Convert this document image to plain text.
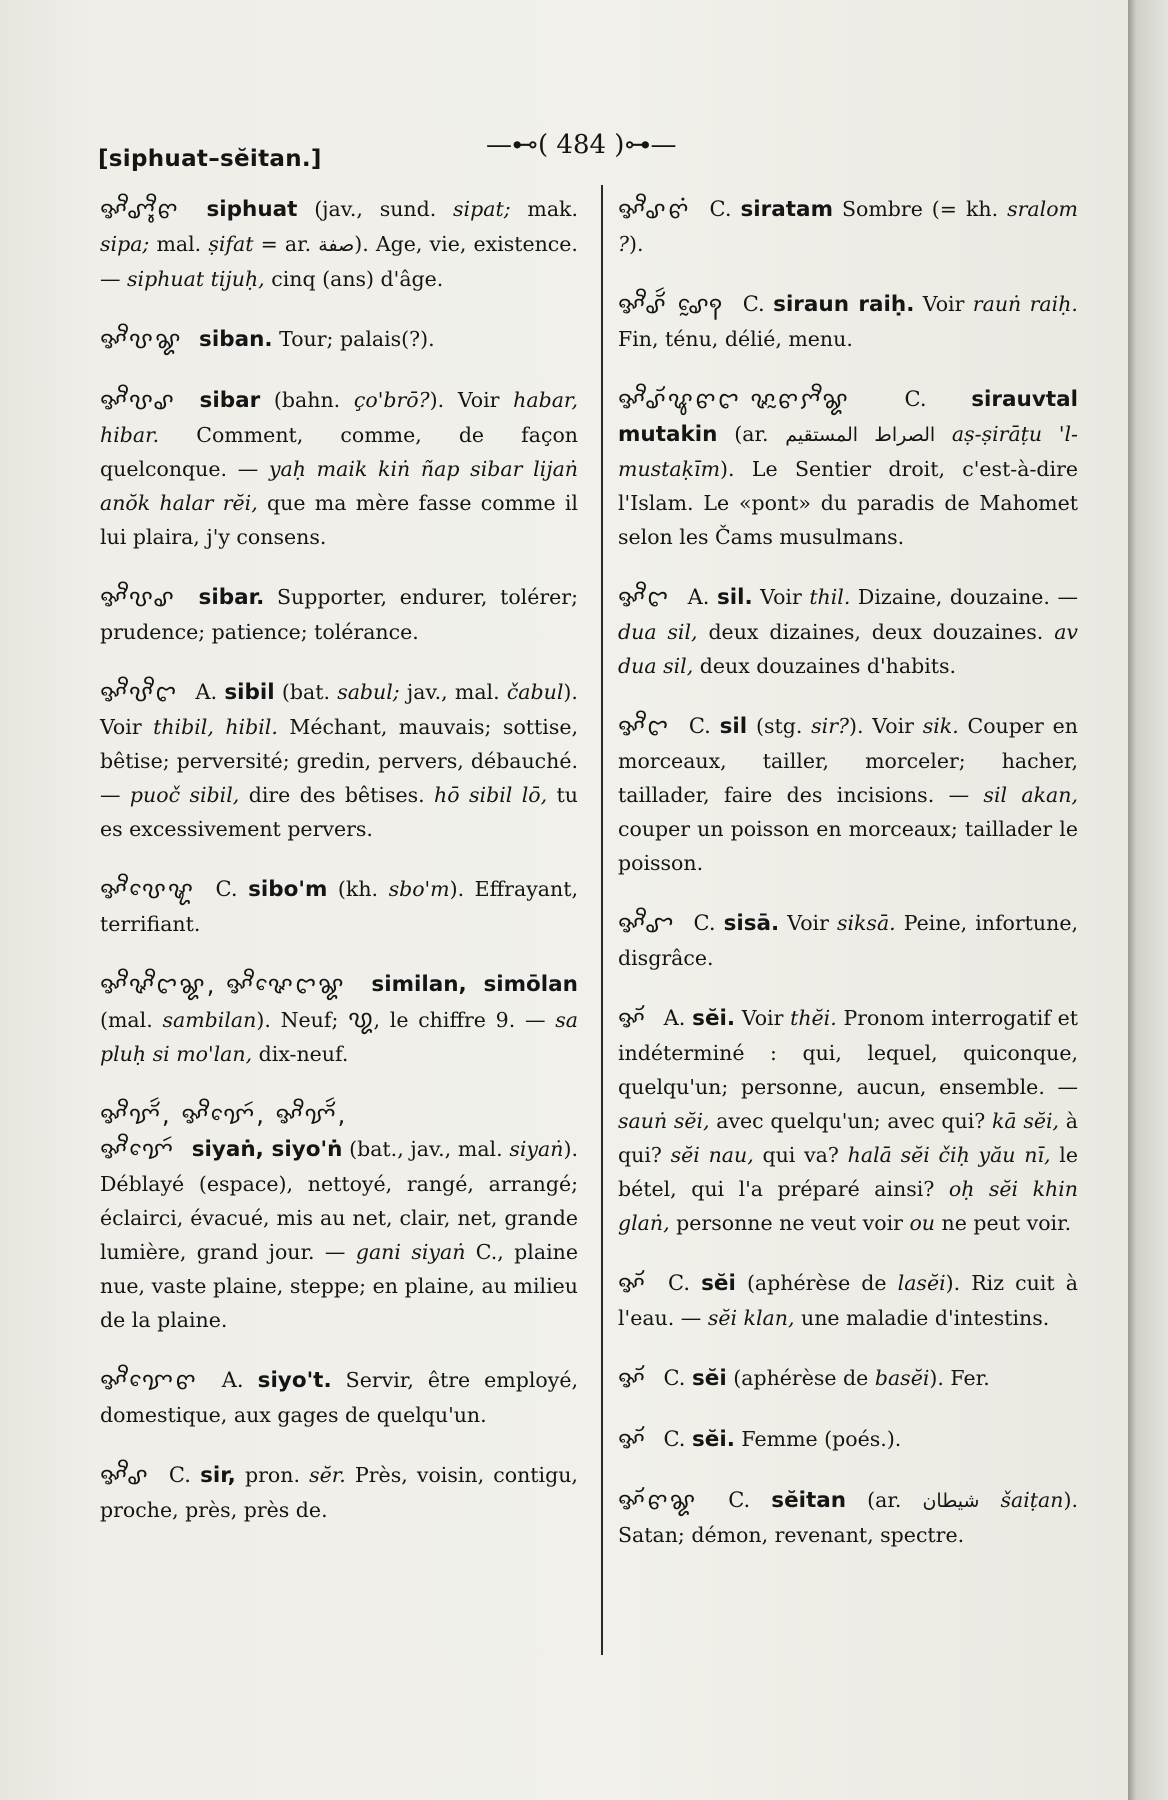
[siphuat–sĕitan.]	—⊷( 484 )⊶—
ꨀꨪꨚꨶꨪꨓ siphuat (jav., sund. sipat; mak. sipa; mal. ṣifat = ar. صفة). Age, vie, existence. — siphuat tijuḥ, cinq (ans) d'âge.
ꨀꨪꨝꨘ siban. Tour; palais(?).
ꨀꨪꨝꨣ sibar (bahn. ço'brō?). Voir habar, hibar. Comment, comme, de façon quelconque. — yaḥ maik kiṅ ñap sibar lijaṅ anŏk halar rĕi, que ma mère fasse comme il lui plaira, j'y consens.
ꨀꨪꨝꨣ sibar. Supporter, endurer, tolérer; prudence; patience; tolérance.
ꨀꨪꨝꨪꨤ A. sibil (bat. sabul; jav., mal. čabul). Voir thibil, hibil. Méchant, mauvais; sottise, bêtise; perversité; gredin, pervers, débauché. — puoč sibil, dire des bêtises. hō sibil lō, tu es excessivement pervers.
ꨀꨪꨝꨯꨠ C. sibo'm (kh. sbo'm). Effrayant, terrifiant.
ꨀꨪꨟꨪꨤꨘ, ꨀꨪꨟꨯꨤꨘ similan, simōlan (mal. sambilan). Neuf; ꩙, le chiffre 9. — sa pluḥ si mo'lan, dix-neuf.
ꨀꨪꨢꨮꩃ, ꨀꨪꨢꨯꩃ, ꨀꨪꨢꨮꩃ,
ꨀꨪꨢꨯꩃ siyaṅ, siyo'ṅ (bat., jav., mal. siyaṅ). Déblayé (espace), nettoyé, rangé, arrangé; éclairci, évacué, mis au net, clair, net, grande lumière, grand jour. — gani siyaṅ C., plaine nue, vaste plaine, steppe; en plaine, au milieu de la plaine.
ꨀꨪꨢꨯꨓ A. siyo't. Servir, être employé, domestique, aux gages de quelqu'un.
ꨀꨪꨣ C. sir, pron. sĕr. Près, voisin, contigu, proche, près, près de.
ꨀꨪꨣꨓꩌ C. siratam Sombre (= kh. sralom ?).
ꨀꨪꨣꨮꩃ ꨣꨰꩍ C. siraun raiḥ. Voir rauṅ raiḥ. Fin, ténu, délié, menu.
ꨀꨪꨣꨮꨥꨓꨤ ꨟꨭꨓꨆꨪꨘ	C. sirauvtal mutakin (ar. الصراط المستقيم aṣ-ṣirāṭu 'l-mustaḳīm). Le Sentier droit, c'est-à-dire l'Islam. Le «pont» du paradis de Mahomet selon les Čams musulmans.
ꨀꨪꨤ A. sil. Voir thil. Dizaine, douzaine. — dua sil, deux dizaines, deux douzaines. av dua sil, deux douzaines d'habits.
ꨀꨪꨤ C. sil (stg. sir?). Voir sik. Couper en morceaux, tailler, morceler; hacher, taillader, faire des incisions. — sil akan, couper un poisson en morceaux; taillader le poisson.
ꨀꨪꨧ C. sisā. Voir siksā. Peine, infortune, disgrâce.
ꨀꨮ A. sĕi. Voir thĕi. Pronom interrogatif et indéterminé : qui, lequel, quiconque, quelqu'un; personne, aucun, ensemble. — sauṅ sĕi, avec quelqu'un; avec qui? kā sĕi, à qui? sĕi nau, qui va? halā sĕi čiḥ yău nī, le bétel, qui l'a préparé ainsi? oḥ sĕi khin glaṅ, personne ne veut voir ou ne peut voir.
ꨀꨮ C. sĕi (aphérèse de lasĕi). Riz cuit à l'eau. — sĕi klan, une maladie d'intestins.
ꨀꨮ C. sĕi (aphérèse de basĕi). Fer.
ꨀꨮ C. sĕi. Femme (poés.).
ꨀꨮꨓꨘ C. sĕitan (ar. شيطان šaiṭan). Satan; démon, revenant, spectre.
